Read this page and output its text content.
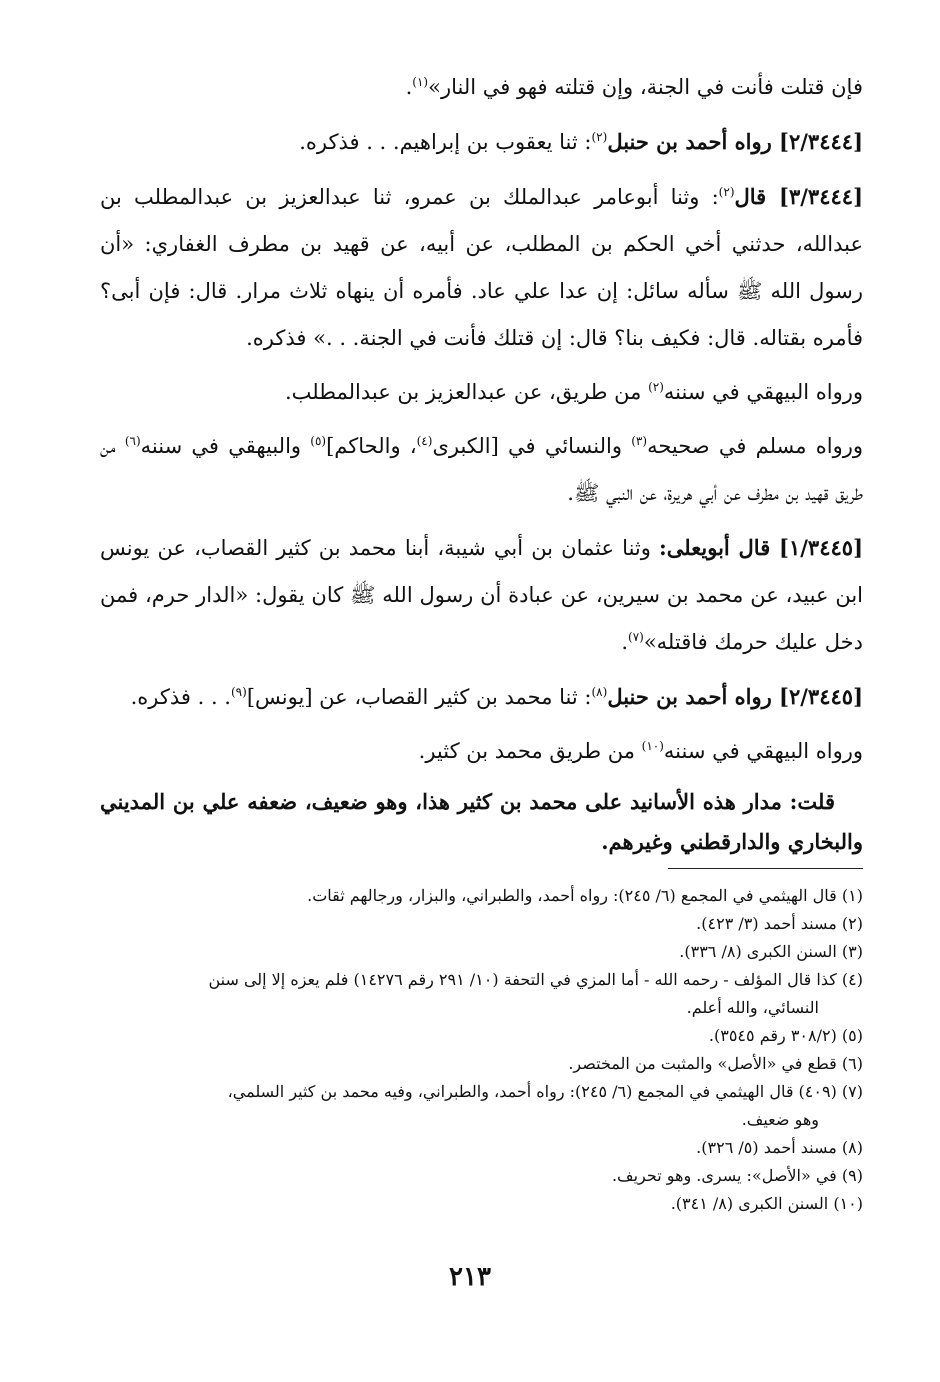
فإن قتلت فأنت في الجنة، وإن قتلته فهو في النار»$^{(١)}$.

[٢/٣٤٤٤] رواه أحمد بن حنبل$^{(٢)}$: ثنا يعقوب بن إبراهيم. . . فذكره.

[٣/٣٤٤٤] قال$^{(٢)}$: وثنا أبوعامر عبدالملك بن عمرو، ثنا عبدالعزيز بن عبدالمطلب بن عبدالله، حدثني أخي الحكم بن المطلب، عن أبيه، عن قهيد بن مطرف الغفاري: «أن رسول الله ﷺ سأله سائل: إن عدا علي عاد. فأمره أن ينهاه ثلاث مرار. قال: فإن أبى؟ فأمره بقتاله. قال: فكيف بنا؟ قال: إن قتلك فأنت في الجنة. . .» فذكره.

ورواه البيهقي في سننه$^{(٢)}$ من طريق، عن عبدالعزيز بن عبدالمطلب.

ورواه مسلم في صحيحه$^{(٣)}$ والنسائي في [الكبرى$^{(٤)}$، والحاكم]$^{(٥)}$ والبيهقي في سننه$^{(٦)}$ من طريق قهيد بن مطرف عن أبي هريرة، عن النبي ﷺ.

[١/٣٤٤٥] قال أبويعلى: وثنا عثمان بن أبي شيبة، أبنا محمد بن كثير القصاب، عن يونس ابن عبيد، عن محمد بن سيرين، عن عبادة أن رسول الله ﷺ كان يقول: «الدار حرم، فمن دخل عليك حرمك فاقتله»$^{(٧)}$.

[٢/٣٤٤٥] رواه أحمد بن حنبل$^{(٨)}$: ثنا محمد بن كثير القصاب، عن [يونس]$^{(٩)}$. . . فذكره.

ورواه البيهقي في سننه$^{(١٠)}$ من طريق محمد بن كثير.

قلت: مدار هذه الأسانيد على محمد بن كثير هذا، وهو ضعيف، ضعفه علي بن المديني والبخاري والدارقطني وغيرهم.

(١) قال الهيثمي في المجمع (٦/ ٢٤٥): رواه أحمد، والطبراني، والبزار، ورجالهم ثقات.

(٢) مسند أحمد (٣/ ٤٢٣).

(٣) السنن الكبرى (٨/ ٣٣٦).

(٤) كذا قال المؤلف - رحمه الله - أما المزي في التحفة (١٠/ ٢٩١ رقم ١٤٢٧٦) فلم يعزه إلا إلى سنن
النسائي، والله أعلم.

(٥) (٣٠٨/٢ رقم ٣٥٤٥).

(٦) قطع في «الأصل» والمثبت من المختصر.

(٧) (٤٠٩) قال الهيثمي في المجمع (٦/ ٢٤٥): رواه أحمد، والطبراني، وفيه محمد بن كثير السلمي،
وهو ضعيف.

(٨) مسند أحمد (٥/ ٣٢٦).

(٩) في «الأصل»: يسرى. وهو تحريف.

(١٠) السنن الكبرى (٨/ ٣٤١).

٢١٣
